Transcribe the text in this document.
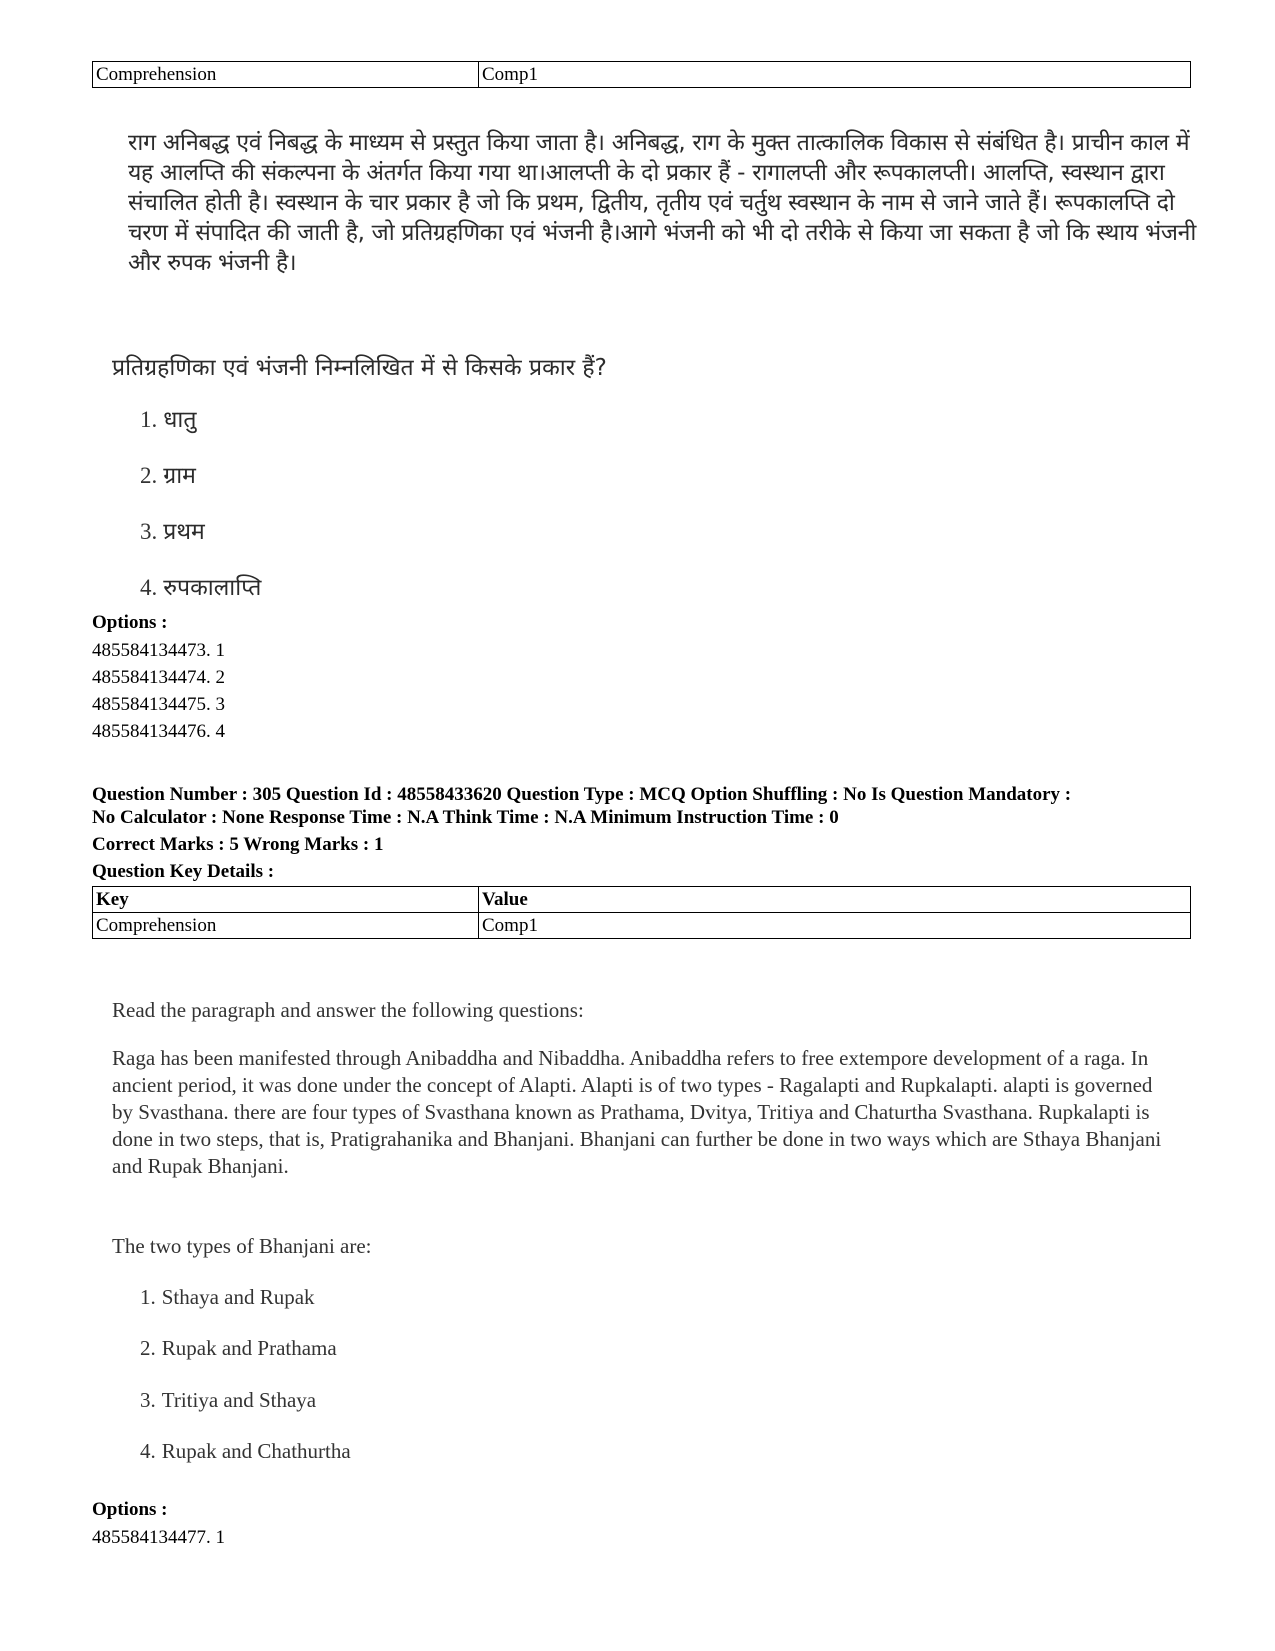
Comprehension	Comp1
राग अनिबद्ध एवं निबद्ध के माध्यम से प्रस्तुत किया जाता है। अनिबद्ध, राग के मुक्त तात्कालिक विकास से संबंधित है। प्राचीन काल में यह आलप्ति की संकल्पना के अंतर्गत किया गया था।आलप्ती के दो प्रकार हैं - रागालप्ती और रूपकालप्ती। आलप्ति, स्वस्थान द्वारा संचालित होती है। स्वस्थान के चार प्रकार है जो कि प्रथम, द्वितीय, तृतीय एवं चर्तुथ स्वस्थान के नाम से जाने जाते हैं। रूपकालप्ति दो चरण में संपादित की जाती है, जो प्रतिग्रहणिका एवं भंजनी है।आगे भंजनी को भी दो तरीके से किया जा सकता है जो कि स्थाय भंजनी और रुपक भंजनी है।
प्रतिग्रहणिका एवं भंजनी निम्नलिखित में से किसके प्रकार हैं?
1. धातु
2. ग्राम
3. प्रथम
4. रुपकालाप्ति
Options :
485584134473. 1
485584134474. 2
485584134475. 3
485584134476. 4
Question Number : 305 Question Id : 48558433620 Question Type : MCQ Option Shuffling : No Is Question Mandatory :
No Calculator : None Response Time : N.A Think Time : N.A Minimum Instruction Time : 0
Correct Marks : 5 Wrong Marks : 1
Question Key Details :
Key	Value
Comprehension	Comp1
Read the paragraph and answer the following questions:
Raga has been manifested through Anibaddha and Nibaddha. Anibaddha refers to free extempore development of a raga. In ancient period, it was done under the concept of Alapti. Alapti is of two types - Ragalapti and Rupkalapti. alapti is governed by Svasthana. there are four types of Svasthana known as Prathama, Dvitya, Tritiya and Chaturtha Svasthana. Rupkalapti is done in two steps, that is, Pratigrahanika and Bhanjani. Bhanjani can further be done in two ways which are Sthaya Bhanjani and Rupak Bhanjani.
The two types of Bhanjani are:
1. Sthaya and Rupak
2. Rupak and Prathama
3. Tritiya and Sthaya
4. Rupak and Chathurtha
Options :
485584134477. 1
